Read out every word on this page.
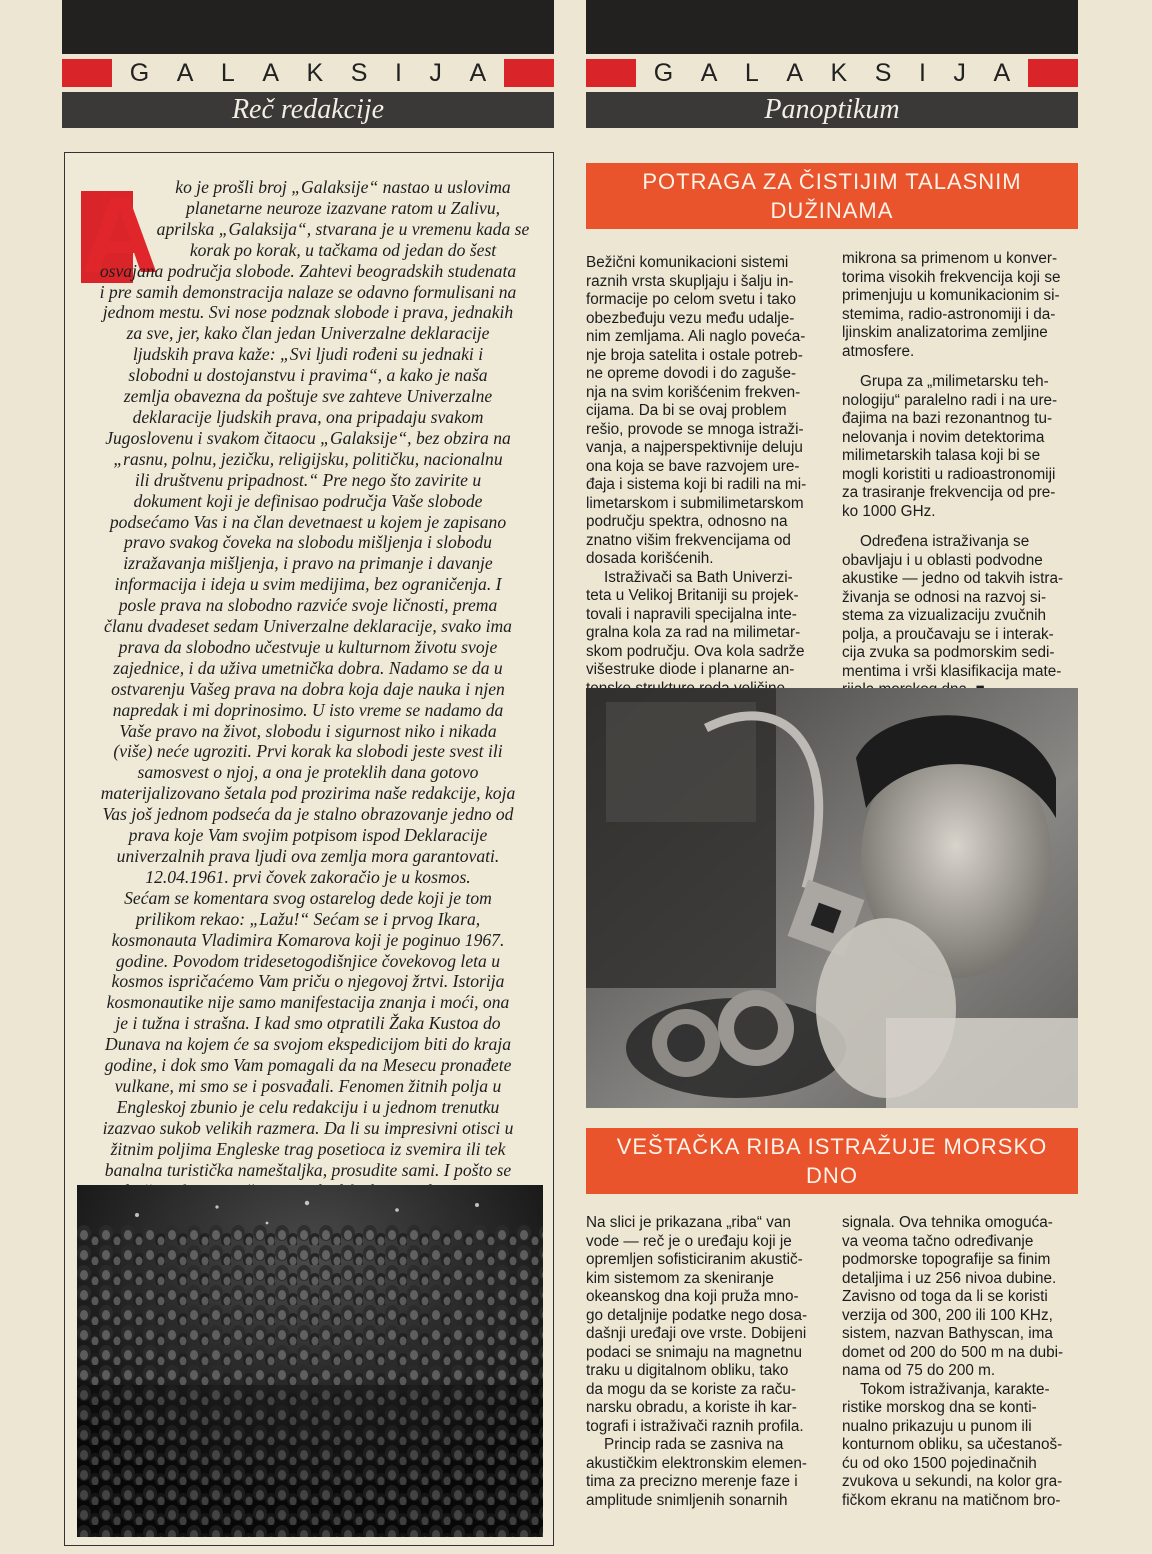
G A L A K S I J A	G A L A K S I J A
Reč redakcije	Panoptikum
A ko je prošli broj „Galaksije“ nastao u uslovima
planetarne neuroze izazvane ratom u Zalivu,
aprilska „Galaksija“, stvarana je u vremenu kada se
korak po korak, u tačkama od jedan do šest
osvajana područja slobode. Zahtevi beogradskih studenata
i pre samih demonstracija nalaze se odavno formulisani na
jednom mestu. Svi nose podznak slobode i prava, jednakih
za sve, jer, kako član jedan Univerzalne deklaracije
ljudskih prava kaže: „Svi ljudi rođeni su jednaki i
slobodni u dostojanstvu i pravima“, a kako je naša
zemlja obavezna da poštuje sve zahteve Univerzalne
deklaracije ljudskih prava, ona pripadaju svakom
Jugoslovenu i svakom čitaocu „Galaksije“, bez obzira na
„rasnu, polnu, jezičku, religijsku, političku, nacionalnu
ili društvenu pripadnost.“ Pre nego što zavirite u
dokument koji je definisao područja Vaše slobode
podsećamo Vas i na član devetnaest u kojem je zapisano
pravo svakog čoveka na slobodu mišljenja i slobodu
izražavanja mišljenja, i pravo na primanje i davanje
informacija i ideja u svim medijima, bez ograničenja. I
posle prava na slobodno razviće svoje ličnosti, prema
članu dvadeset sedam Univerzalne deklaracije, svako ima
prava da slobodno učestvuje u kulturnom životu svoje
zajednice, i da uživa umetnička dobra. Nadamo se da u
ostvarenju Vašeg prava na dobra koja daje nauka i njen
napredak i mi doprinosimo. U isto vreme se nadamo da
Vaše pravo na život, slobodu i sigurnost niko i nikada
(više) neće ugroziti. Prvi korak ka slobodi jeste svest ili
samosvest o njoj, a ona je proteklih dana gotovo
materijalizovano šetala pod prozirima naše redakcije, koja
Vas još jednom podseća da je stalno obrazovanje jedno od
prava koje Vam svojim potpisom ispod Deklaracije
univerzalnih prava ljudi ova zemlja mora garantovati.
12.04.1961. prvi čovek zakoračio je u kosmos.
Sećam se komentara svog ostarelog dede koji je tom
prilikom rekao: „Lažu!“ Sećam se i prvog Ikara,
kosmonauta Vladimira Komarova koji je poginuo 1967.
godine. Povodom tridesetogodišnjice čovekovog leta u
kosmos ispričaćemo Vam priču o njegovoj žrtvi. Istorija
kosmonautike nije samo manifestacija znanja i moći, ona
je i tužna i strašna. I kad smo otpratili Žaka Kustoa do
Dunava na kojem će sa svojom ekspedicijom biti do kraja
godine, i dok smo Vam pomagali da na Mesecu pronađete
vulkane, mi smo se i posvađali. Fenomen žitnih polja u
Engleskoj zbunio je celu redakciju i u jednom trenutku
izazvao sukob velikih razmera. Da li su impresivni otisci u
žitnim poljima Engleske trag posetioca iz svemira ili tek
banalna turistička nameštaljka, prosudite sami. I pošto se
POTRAGA ZA ČISTIJIM TALASNIM
DUŽINAMA
Bežični komunikacioni sistemi
raznih vrsta skupljaju i šalju in-
formacije po celom svetu i tako
obezbeđuju vezu među udalje-
nim zemljama. Ali naglo poveća-
nje broja satelita i ostale potreb-
ne opreme dovodi i do zaguše-
nja na svim korišćenim frekven-
cijama. Da bi se ovaj problem
rešio, provode se mnoga istraži-
vanja, a najperspektivnije deluju
ona koja se bave razvojem ure-
đaja i sistema koji bi radili na mi-
limetarskom i submilimetarskom
području spektra, odnosno na
znatno višim frekvencijama od
dosada korišćenih.
Istraživači sa Bath Univerzi-
teta u Velikoj Britaniji su projek-
tovali i napravili specijalna inte-
gralna kola za rad na milimetar-
skom području. Ova kola sadrže
višestruke diode i planarne an-
mikrona sa primenom u konver-
torima visokih frekvencija koji se
primenjuju u komunikacionim si-
stemima, radio-astronomiji i da-
ljinskim analizatorima zemljine
atmosfere.
Grupa za „milimetarsku teh-
nologiju“ paralelno radi i na ure-
đajima na bazi rezonantnog tu-
nelovanja i novim detektorima
milimetarskih talasa koji bi se
mogli koristiti u radioastronomiji
za trasiranje frekvencija od pre-
ko 1000 GHz.
Određena istraživanja se
obavljaju i u oblasti podvodne
akustike — jedno od takvih istra-
živanja se odnosi na razvoj si-
stema za vizualizaciju zvučnih
polja, a proučavaju se i interak-
cija zvuka sa podmorskim sedi-
mentima i vrši klasifikacija mate-
VEŠTAČKA RIBA ISTRAŽUJE MORSKO
DNO
Na slici je prikazana „riba“ van
vode — reč je o uređaju koji je
opremljen sofisticiranim akustič-
kim sistemom za skeniranje
okeanskog dna koji pruža mno-
go detaljnije podatke nego dosa-
dašnji uređaji ove vrste. Dobijeni
podaci se snimaju na magnetnu
traku u digitalnom obliku, tako
da mogu da se koriste za raču-
narsku obradu, a koriste ih kar-
tografi i istraživači raznih profila.
Princip rada se zasniva na
akustičkim elektronskim elemen-
tima za precizno merenje faze i
amplitude snimljenih sonarnih
signala. Ova tehnika omogućа-
va veoma tačno određivanje
podmorske topografije sa finim
detaljima i uz 256 nivoa dubine.
Zavisno od toga da li se koristi
verzija od 300, 200 ili 100 KHz,
sistem, nazvan Bathyscan, ima
domet od 200 do 500 m na dubi-
nama od 75 do 200 m.
Tokom istraživanja, karakte-
ristike morskog dna se konti-
nualno prikazuju u punom ili
konturnom obliku, sa učestanoš-
ću od oko 1500 pojedinačnih
zvukova u sekundi, na kolor gra-
fičkom ekranu na matičnom bro-
